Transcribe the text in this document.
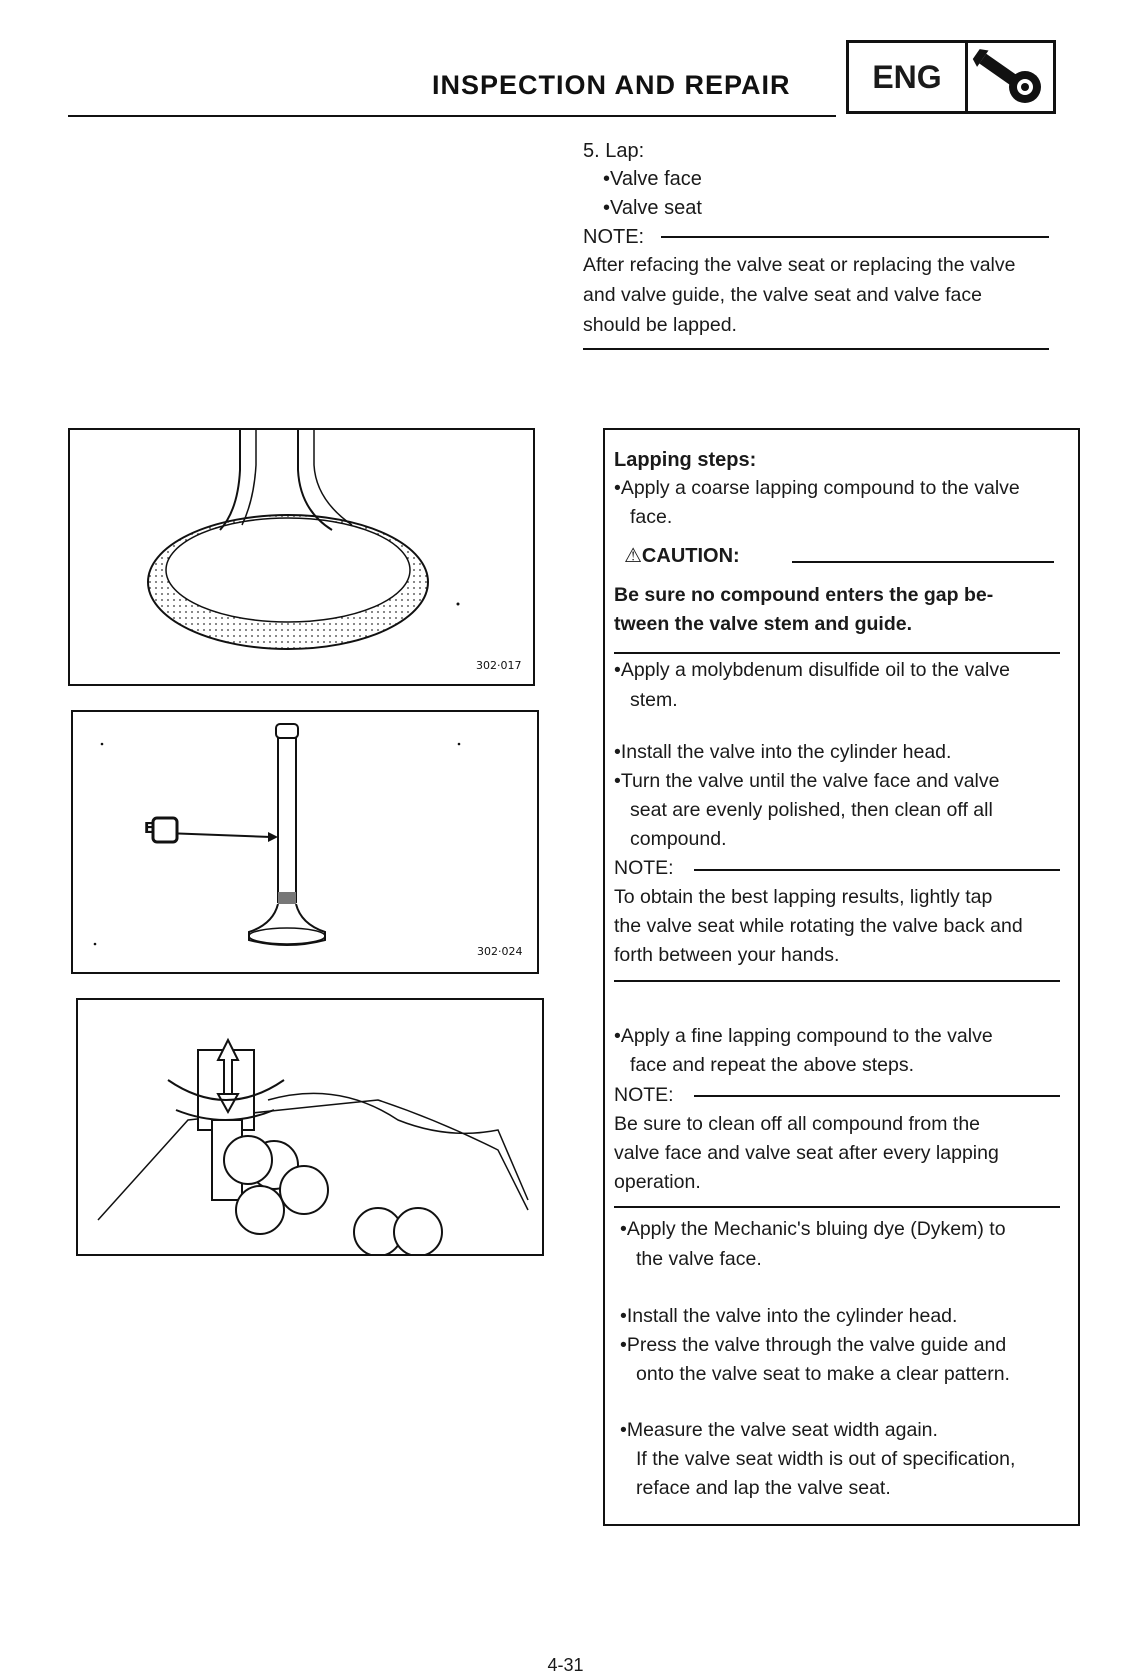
INSPECTION AND REPAIR	ENG
5. Lap:
•Valve face
•Valve seat
NOTE:
After refacing the valve seat or replacing the valve
and valve guide, the valve seat and valve face
should be lapped.
302·017
E
302·024
Lapping steps:
•Apply a coarse lapping compound to the valve
face.
⚠CAUTION:
Be sure no compound enters the gap be-
tween the valve stem and guide.
•Apply a molybdenum disulfide oil to the valve
stem.
•Install the valve into the cylinder head.
•Turn the valve until the valve face and valve
seat are evenly polished, then clean off all
compound.
NOTE:
To obtain the best lapping results, lightly tap
the valve seat while rotating the valve back and
forth between your hands.
•Apply a fine lapping compound to the valve
face and repeat the above steps.
NOTE:
Be sure to clean off all compound from the
valve face and valve seat after every lapping
operation.
•Apply the Mechanic's bluing dye (Dykem) to
the valve face.
•Install the valve into the cylinder head.
•Press the valve through the valve guide and
onto the valve seat to make a clear pattern.
•Measure the valve seat width again.
If the valve seat width is out of specification,
reface and lap the valve seat.
4-31
